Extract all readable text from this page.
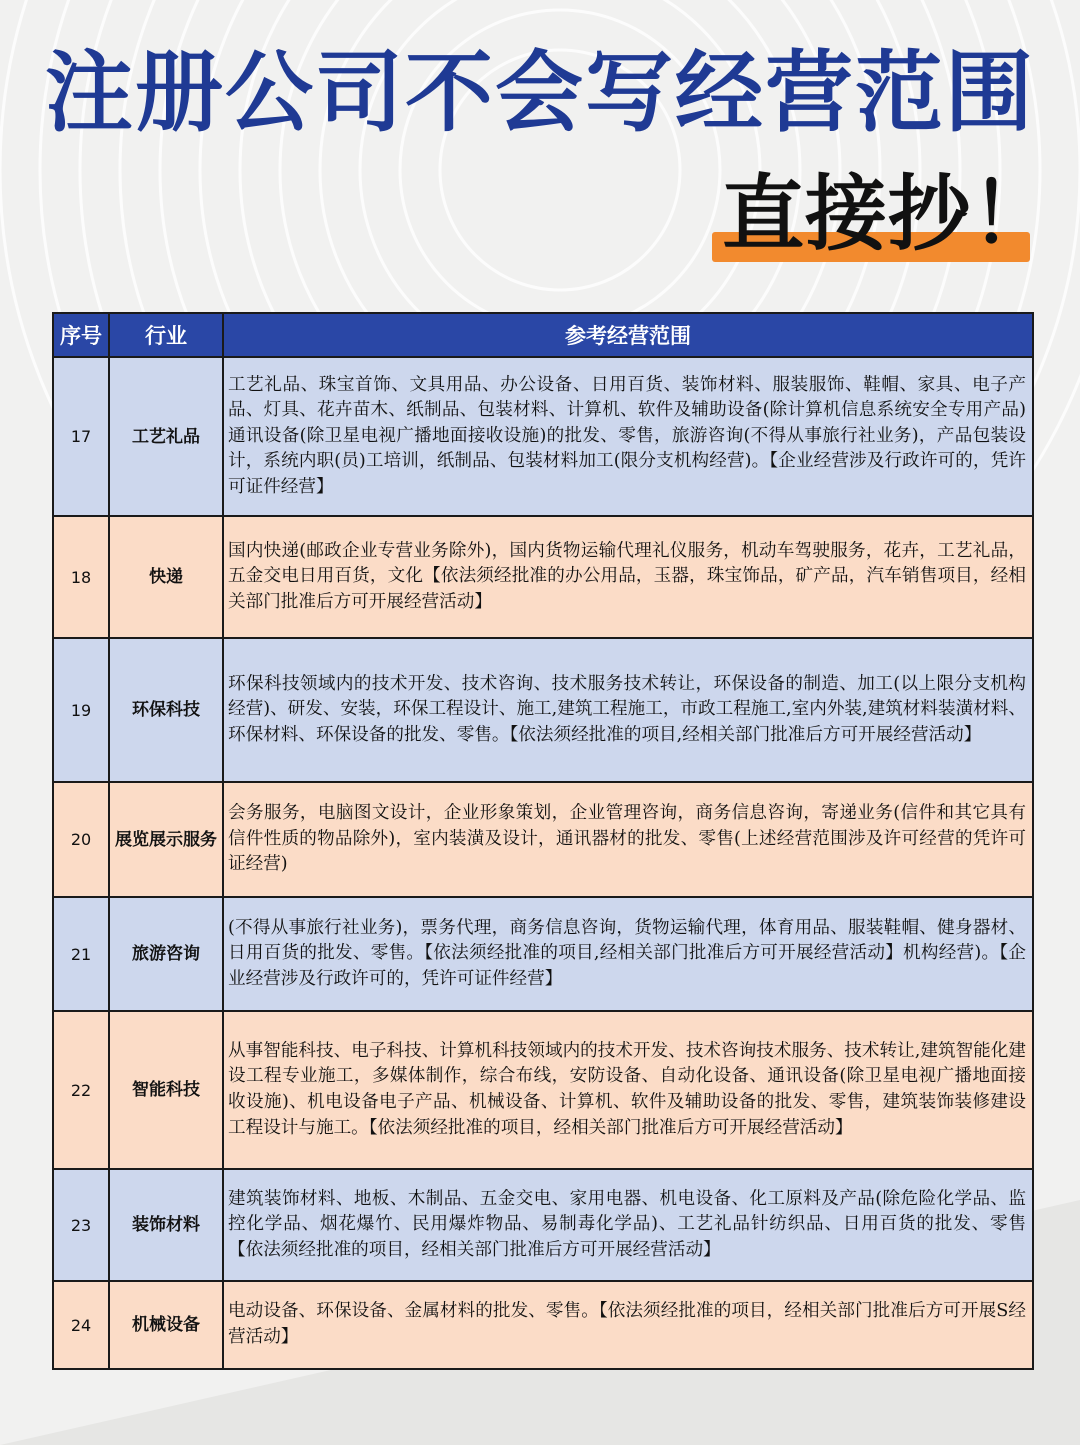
注册公司不会写经营范围
直接抄！
序号	行业	参考经营范围
17	工艺礼品	工艺礼品、珠宝首饰、文具用品、办公设备、日用百货、装饰材料、服装服饰、鞋帽、家具、电子产品、灯具、花卉苗木、纸制品、包装材料、计算机、软件及辅助设备(除计算机信息系统安全专用产品)通讯设备(除卫星电视广播地面接收设施)的批发、零售，旅游咨询(不得从事旅行社业务)，产品包装设计，系统内职(员)工培训，纸制品、包装材料加工(限分支机构经营)。【企业经营涉及行政许可的，凭许可证件经营】
18	快递	国内快递(邮政企业专营业务除外)，国内货物运输代理礼仪服务，机动车驾驶服务，花卉，工艺礼品，五金交电日用百货，文化【依法须经批准的办公用品，玉器，珠宝饰品，矿产品，汽车销售项目，经相关部门批准后方可开展经营活动】
19	环保科技	环保科技领域内的技术开发、技术咨询、技术服务技术转让，环保设备的制造、加工(以上限分支机构经营)、研发、安装，环保工程设计、施工,建筑工程施工，市政工程施工,室内外装,建筑材料装潢材料、环保材料、环保设备的批发、零售。【依法须经批准的项目,经相关部门批准后方可开展经营活动】
20	展览展示服务	会务服务，电脑图文设计，企业形象策划，企业管理咨询，商务信息咨询，寄递业务(信件和其它具有信件性质的物品除外)，室内装潢及设计，通讯器材的批发、零售(上述经营范围涉及许可经营的凭许可证经营)
21	旅游咨询	(不得从事旅行社业务)，票务代理，商务信息咨询，货物运输代理，体育用品、服装鞋帽、健身器材、日用百货的批发、零售。【依法须经批准的项目,经相关部门批准后方可开展经营活动】机构经营)。【企业经营涉及行政许可的，凭许可证件经营】
22	智能科技	从事智能科技、电子科技、计算机科技领域内的技术开发、技术咨询技术服务、技术转让,建筑智能化建设工程专业施工，多媒体制作，综合布线，安防设备、自动化设备、通讯设备(除卫星电视广播地面接收设施)、机电设备电子产品、机械设备、计算机、软件及辅助设备的批发、零售，建筑装饰装修建设工程设计与施工。【依法须经批准的项目，经相关部门批准后方可开展经营活动】
23	装饰材料	建筑装饰材料、地板、木制品、五金交电、家用电器、机电设备、化工原料及产品(除危险化学品、监控化学品、烟花爆竹、民用爆炸物品、易制毒化学品)、工艺礼品针纺织品、日用百货的批发、零售【依法须经批准的项目，经相关部门批准后方可开展经营活动】
24	机械设备	电动设备、环保设备、金属材料的批发、零售。【依法须经批准的项目，经相关部门批准后方可开展S经营活动】
